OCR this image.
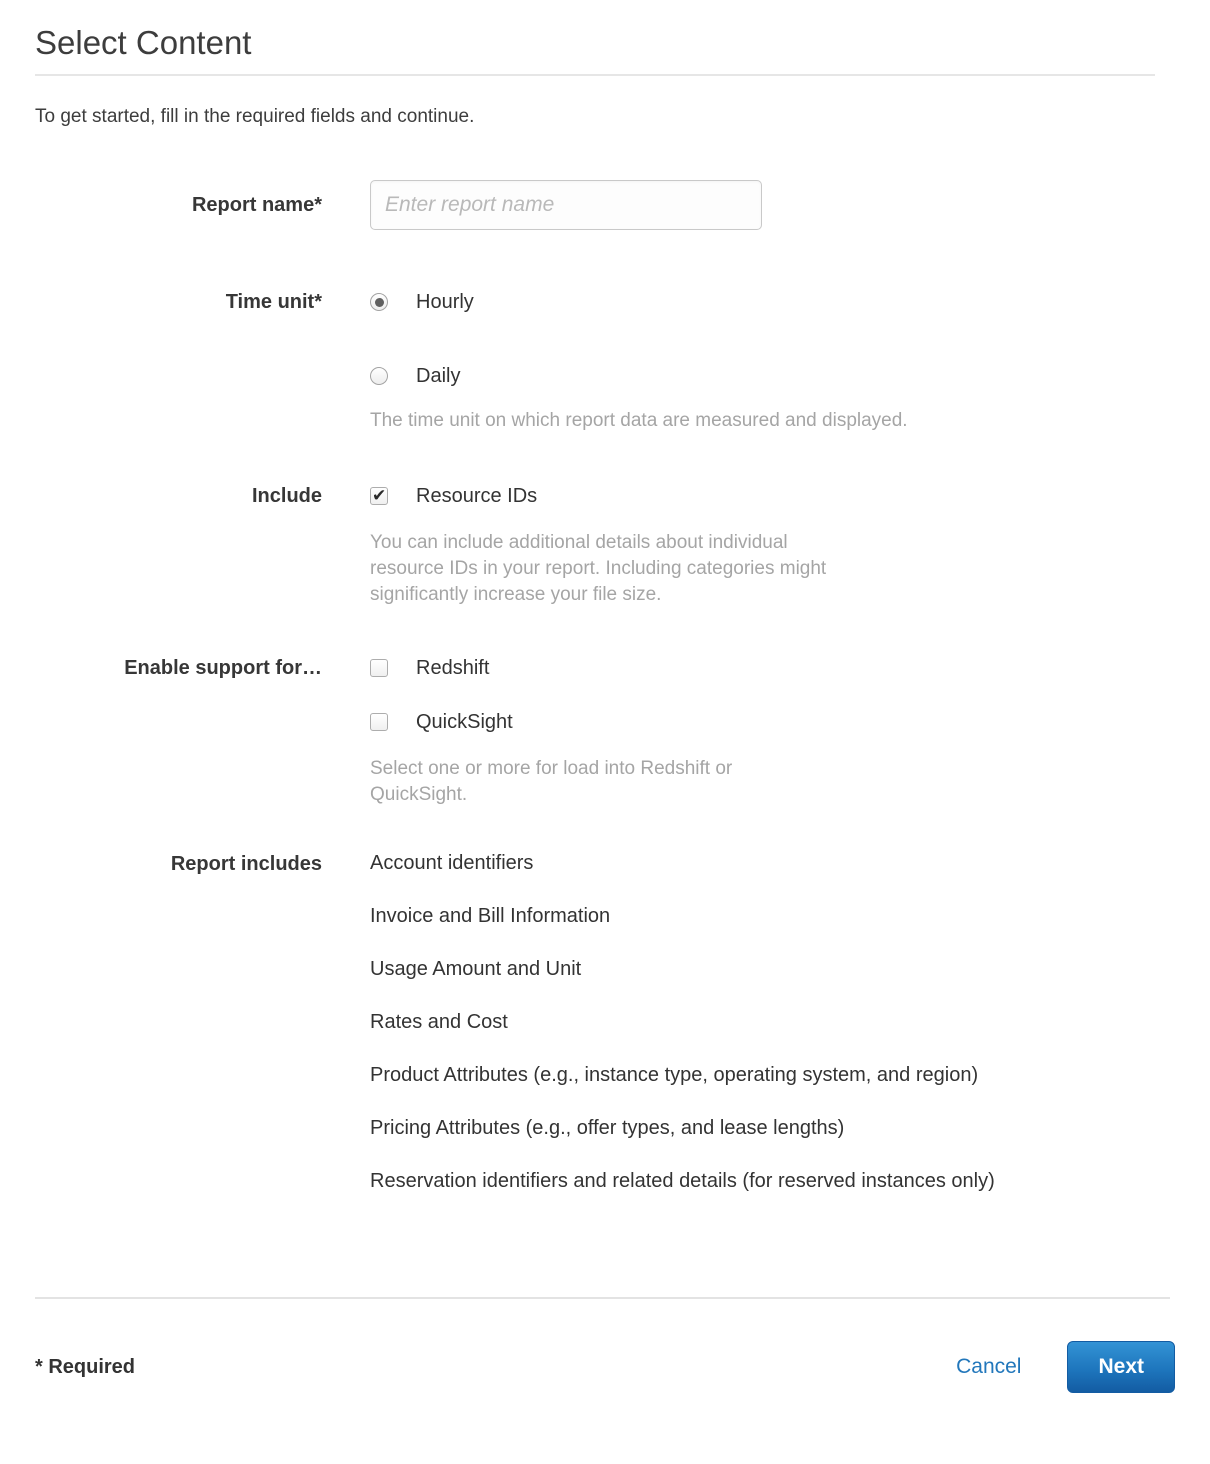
Select Content

To get started, fill in the required fields and continue.

Report name*
Enter report name
Time unit*	Hourly
Daily

The time unit on which report data are measured and displayed.

Include	✔ Resource IDs

You can include additional details about individual resource IDs in your report. Including categories might significantly increase your file size.

Enable support for…	Redshift
QuickSight

Select one or more for load into Redshift or QuickSight.

Report includes Account identifiers
Invoice and Bill Information
Usage Amount and Unit
Rates and Cost
Product Attributes (e.g., instance type, operating system, and region)
Pricing Attributes (e.g., offer types, and lease lengths)
Reservation identifiers and related details (for reserved instances only)
* Required	Cancel	Next
